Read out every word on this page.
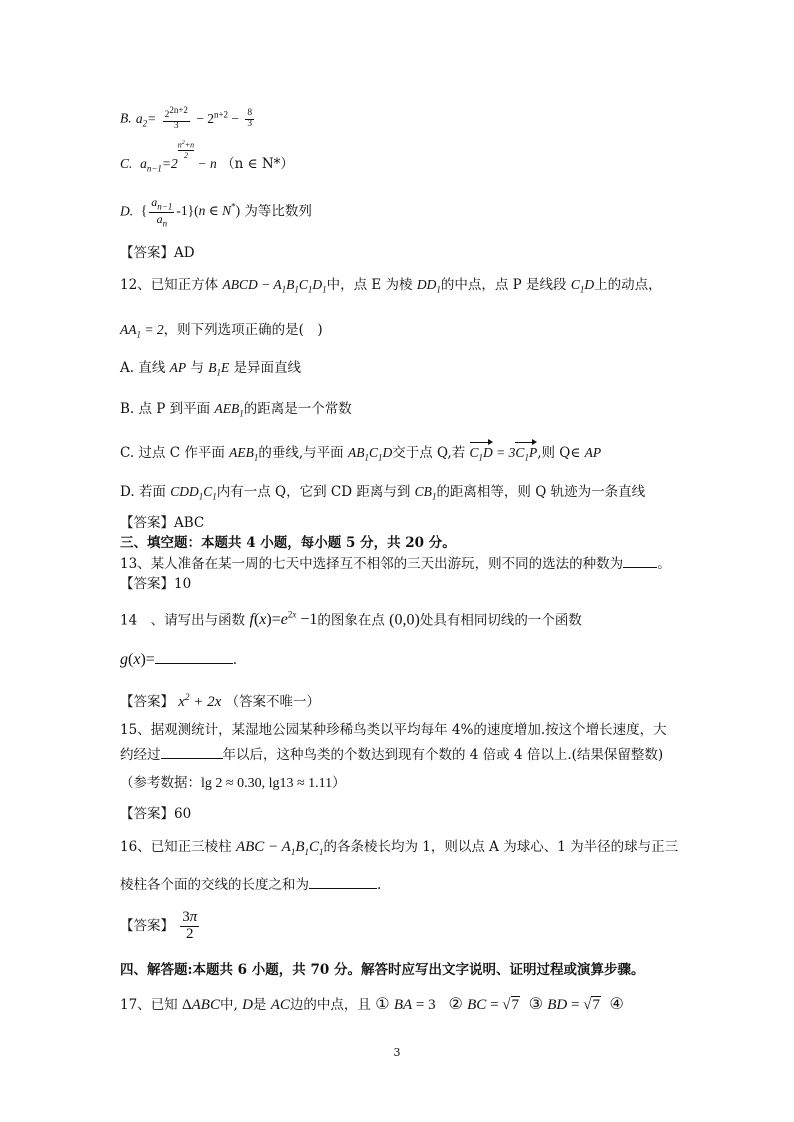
B. $a_2= \frac{2^{2n+2}}{3} - 2^{n+2} - \frac{8}{3}$
C.  $a_{n-1}=2$
$^{\frac{n^2+n}{2}}$
− n （n ∈ N*）
D.  { $\frac{a_{n-1}}{a_n} -1\}(n$ ∈ N*) 为等比数列
【答案】AD
12、已知正方体 ABCD − $A_1B_1C_1D_1$中，点 E 为棱 $DD_1$的中点，点 P 是线段 $C_1D$上的动点，
$AA_1 = 2$，则下列选项正确的是(　)
A. 直线 AP 与 $B_1E$ 是异面直线
B. 点 P 到平面 $AEB_1$的距离是一个常数
C. 过点 C 作平面 $AEB_1$的垂线,与平面 $AB_1C_1D$交于点 Q,若 $C_1D = 3C_1P$,则 Q∈ AP
D. 若面 $CDD_1C_1$内有一点 Q，它到 CD 距离与到 $CB_1$的距离相等，则 Q 轨迹为一条直线
【答案】ABC
三、填空题：本题共 4 小题，每小题 5 分，共 20 分。
13、某人准备在某一周的七天中选择互不相邻的三天出游玩，则不同的选法的种数为	。
【答案】10
14　、请写出与函数 $f(x)=e^{2x} -1$的图象在点 (0,0)处具有相同切线的一个函数
g(x)=	.
【答案】 $x^2 + 2x$ （答案不唯一）
15、据观测统计，某湿地公园某种珍稀鸟类以平均每年 4%的速度增加.按这个增长速度，大
约经过	年以后，这种鸟类的个数达到现有个数的 4 倍或 4 倍以上.(结果保留整数)
（参考数据：lg 2 ≈ 0.30, lg13 ≈ 1.11）
【答案】60
16、已知正三棱柱 ABC − $A_1B_1C_1$的各条棱长均为 1，则以点 A 为球心、1 为半径的球与正三
棱柱各个面的交线的长度之和为	.
【答案】 $\frac{3\pi}{2}$
四、解答题:本题共 6 小题，共 70 分。解答时应写出文字说明、证明过程或演算步骤。
17、已知 ΔABC中, D是 AC边的中点，且 ① BA = 3 ② BC = √7 ③ BD = √7 ④
3
